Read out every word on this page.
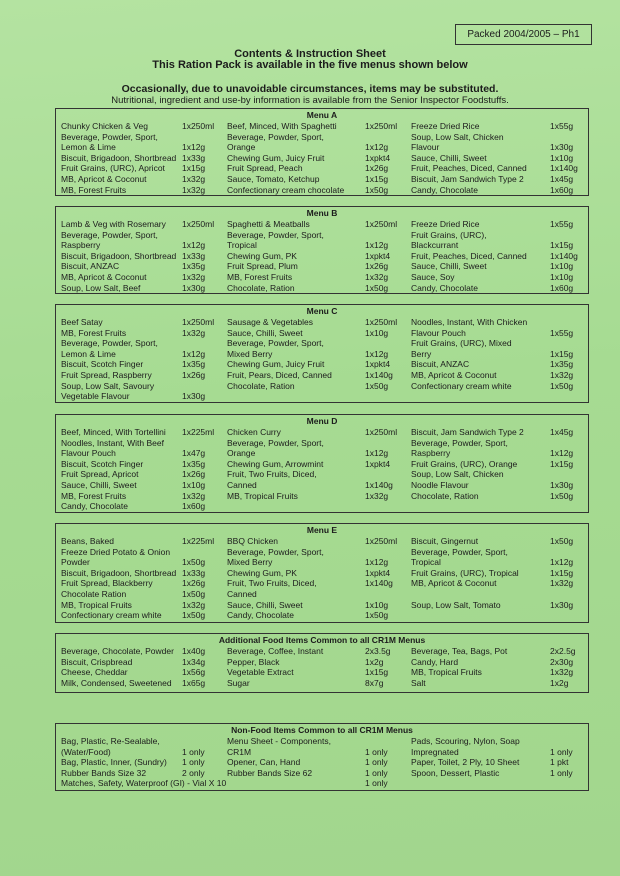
Packed 2004/2005 – Ph1
Contents & Instruction Sheet
This Ration Pack is available in the five menus shown below
Occasionally, due to unavoidable circumstances, items may be substituted.
Nutritional, ingredient and use-by information is available from the Senior Inspector Foodstuffs.
Menu A
Chunky Chicken & Veg	1x250ml Beef, Minced, With Spaghetti	1x250ml Freeze Dried Rice	1x55g
Beverage, Powder, Sport,	Beverage, Powder, Sport,	Soup, Low Salt, Chicken
Lemon & Lime	1x12g	Orange	1x12g	Flavour	1x30g
Biscuit, Brigadoon, Shortbread 1x33g	Chewing Gum, Juicy Fruit	1xpkt4 Sauce, Chilli, Sweet	1x10g
Fruit Grains, (URC), Apricot 1x15g	Fruit Spread, Peach	1x26g	Fruit, Peaches, Diced, Canned	1x140g
MB, Apricot & Coconut	1x32g	Sauce, Tomato, Ketchup	1x15g	Biscuit, Jam Sandwich Type 2	1x45g
MB, Forest Fruits	1x32g	Confectionary cream chocolate 1x50g	Candy, Chocolate	1x60g
Menu B
Lamb & Veg with Rosemary 1x250ml Spaghetti & Meatballs	1x250ml Freeze Dried Rice	1x55g
Beverage, Powder, Sport,	Beverage, Powder, Sport,	Fruit Grains, (URC),
Raspberry	1x12g	Tropical	1x12g	Blackcurrant	1x15g
Biscuit, Brigadoon, Shortbread 1x33g	Chewing Gum, PK	1xpkt4 Fruit, Peaches, Diced, Canned	1x140g
Biscuit, ANZAC	1x35g	Fruit Spread, Plum	1x26g	Sauce, Chilli, Sweet	1x10g
MB, Apricot & Coconut	1x32g	MB, Forest Fruits	1x32g	Sauce, Soy	1x10g
Soup, Low Salt, Beef	1x30g	Chocolate, Ration	1x50g	Candy, Chocolate	1x60g
Menu C
Beef Satay	1x250ml Sausage & Vegetables	1x250ml Noodles, Instant, With Chicken
MB, Forest Fruits	1x32g	Sauce, Chilli, Sweet	1x10g	Flavour Pouch	1x55g
Beverage, Powder, Sport,	Beverage, Powder, Sport,	Fruit Grains, (URC), Mixed
Lemon & Lime	1x12g	Mixed Berry	1x12g	Berry	1x15g
Biscuit, Scotch Finger	1x35g	Chewing Gum, Juicy Fruit	1xpkt4 Biscuit, ANZAC	1x35g
Fruit Spread, Raspberry	1x26g	Fruit, Pears, Diced, Canned	1x140g MB, Apricot & Coconut	1x32g
Soup, Low Salt, Savoury	Chocolate, Ration	1x50g	Confectionary cream white	1x50g
Vegetable Flavour	1x30g
Menu D
Beef, Minced, With Tortellini 1x225ml Chicken Curry	1x250ml Biscuit, Jam Sandwich Type 2	1x45g
Noodles, Instant, With Beef	Beverage, Powder, Sport,	Beverage, Powder, Sport,
Flavour Pouch	1x47g	Orange	1x12g	Raspberry	1x12g
Biscuit, Scotch Finger	1x35g	Chewing Gum, Arrowmint	1xpkt4 Fruit Grains, (URC), Orange	1x15g
Fruit Spread, Apricot	1x26g	Fruit, Two Fruits, Diced,	Soup, Low Salt, Chicken
Sauce, Chilli, Sweet	1x10g	Canned	1x140g Noodle Flavour	1x30g
MB, Forest Fruits	1x32g	MB, Tropical Fruits	1x32g	Chocolate, Ration	1x50g
Candy, Chocolate	1x60g
Menu E
Beans, Baked	1x225ml BBQ Chicken	1x250ml Biscuit, Gingernut	1x50g
Freeze Dried Potato & Onion	Beverage, Powder, Sport,	Beverage, Powder, Sport,
Powder	1x50g	Mixed Berry	1x12g	Tropical	1x12g
Biscuit, Brigadoon, Shortbread 1x33g	Chewing Gum, PK	1xpkt4 Fruit Grains, (URC), Tropical	1x15g
Fruit Spread, Blackberry	1x26g	Fruit, Two Fruits, Diced,	1x140g MB, Apricot & Coconut	1x32g
Chocolate Ration	1x50g	Canned
MB, Tropical Fruits	1x32g	Sauce, Chilli, Sweet	1x10g	Soup, Low Salt, Tomato	1x30g
Confectionary cream white 1x50g	Candy, Chocolate	1x50g
Additional Food Items Common to all CR1M Menus
Beverage, Chocolate, Powder 1x40g	Beverage, Coffee, Instant	2x3.5g Beverage, Tea, Bags, Pot	2x2.5g
Biscuit, Crispbread	1x34g	Pepper, Black	1x2g	Candy, Hard	2x30g
Cheese, Cheddar	1x56g	Vegetable Extract	1x15g	MB, Tropical Fruits	1x32g
Milk, Condensed, Sweetened 1x65g	Sugar	8x7g	Salt	1x2g
Non-Food Items Common to all CR1M Menus
Bag, Plastic, Re-Sealable,	Menu Sheet - Components,	Pads, Scouring, Nylon, Soap
(Water/Food)	1 only	CR1M	1 only	Impregnated	1 only
Bag, Plastic, Inner, (Sundry) 1 only	Opener, Can, Hand	1 only	Paper, Toilet, 2 Ply, 10 Sheet	1 pkt
Rubber Bands Size 32	2 only	Rubber Bands Size 62	1 only	Spoon, Dessert, Plastic	1 only
Matches, Safety, Waterproof (GI) - Vial X 10	1 only
